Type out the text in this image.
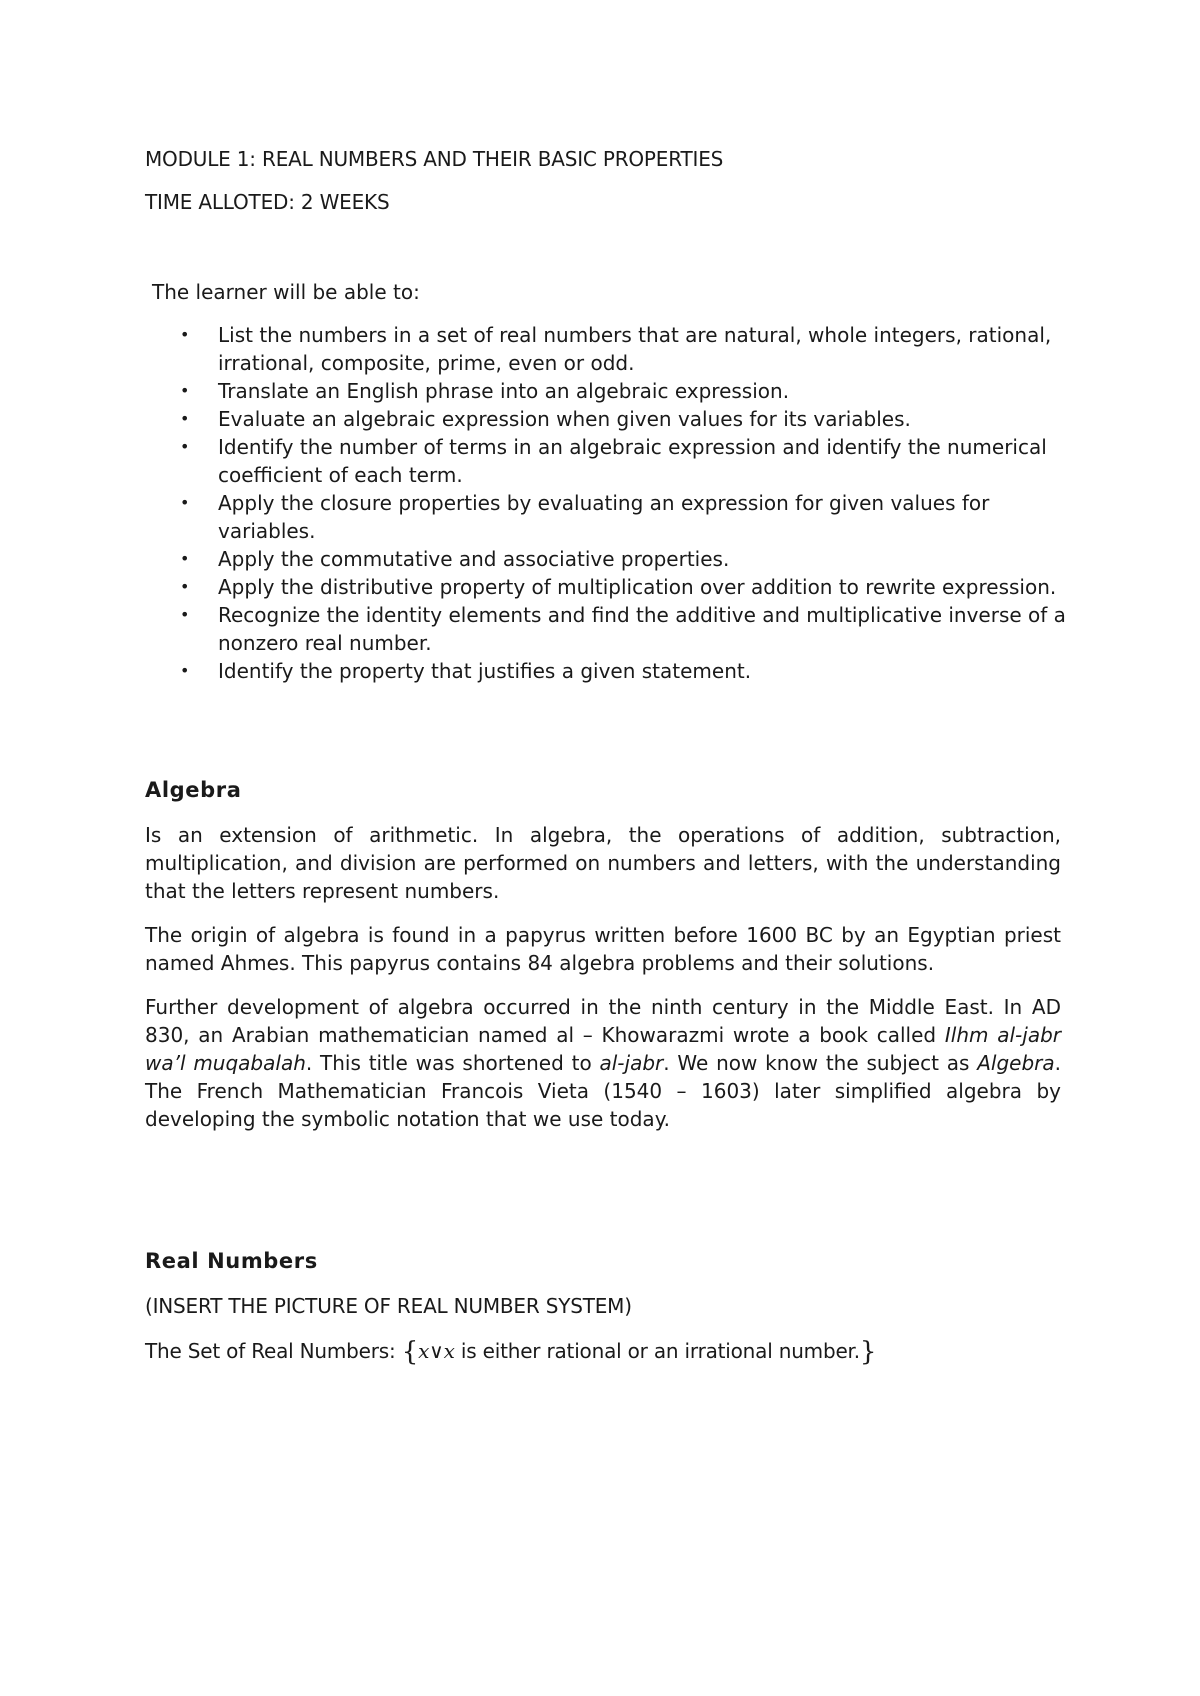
MODULE 1: REAL NUMBERS AND THEIR BASIC PROPERTIES
TIME ALLOTED: 2 WEEKS
The learner will be able to:
• List the numbers in a set of real numbers that are natural, whole integers, rational, irrational, composite, prime, even or odd.
• Translate an English phrase into an algebraic expression.
• Evaluate an algebraic expression when given values for its variables.
• Identify the number of terms in an algebraic expression and identify the numerical coefficient of each term.
• Apply the closure properties by evaluating an expression for given values for variables.
• Apply the commutative and associative properties.
• Apply the distributive property of multiplication over addition to rewrite expression.
• Recognize the identity elements and find the additive and multiplicative inverse of a nonzero real number.
• Identify the property that justifies a given statement.
Algebra

Is an extension of arithmetic. In algebra, the operations of addition, subtraction, multiplication, and division are performed on numbers and letters, with the understanding that the letters represent numbers.

The origin of algebra is found in a papyrus written before 1600 BC by an Egyptian priest named Ahmes. This papyrus contains 84 algebra problems and their solutions.

Further development of algebra occurred in the ninth century in the Middle East. In AD 830, an Arabian mathematician named al – Khowarazmi wrote a book called Ilhm al-jabr wa’l muqabalah. This title was shortened to al-jabr. We now know the subject as Algebra. The French Mathematician Francois Vieta (1540 – 1603) later simplified algebra by developing the symbolic notation that we use today.

Real Numbers
(INSERT THE PICTURE OF REAL NUMBER SYSTEM)
The Set of Real Numbers: {x∨x is either rational or an irrational number.}
